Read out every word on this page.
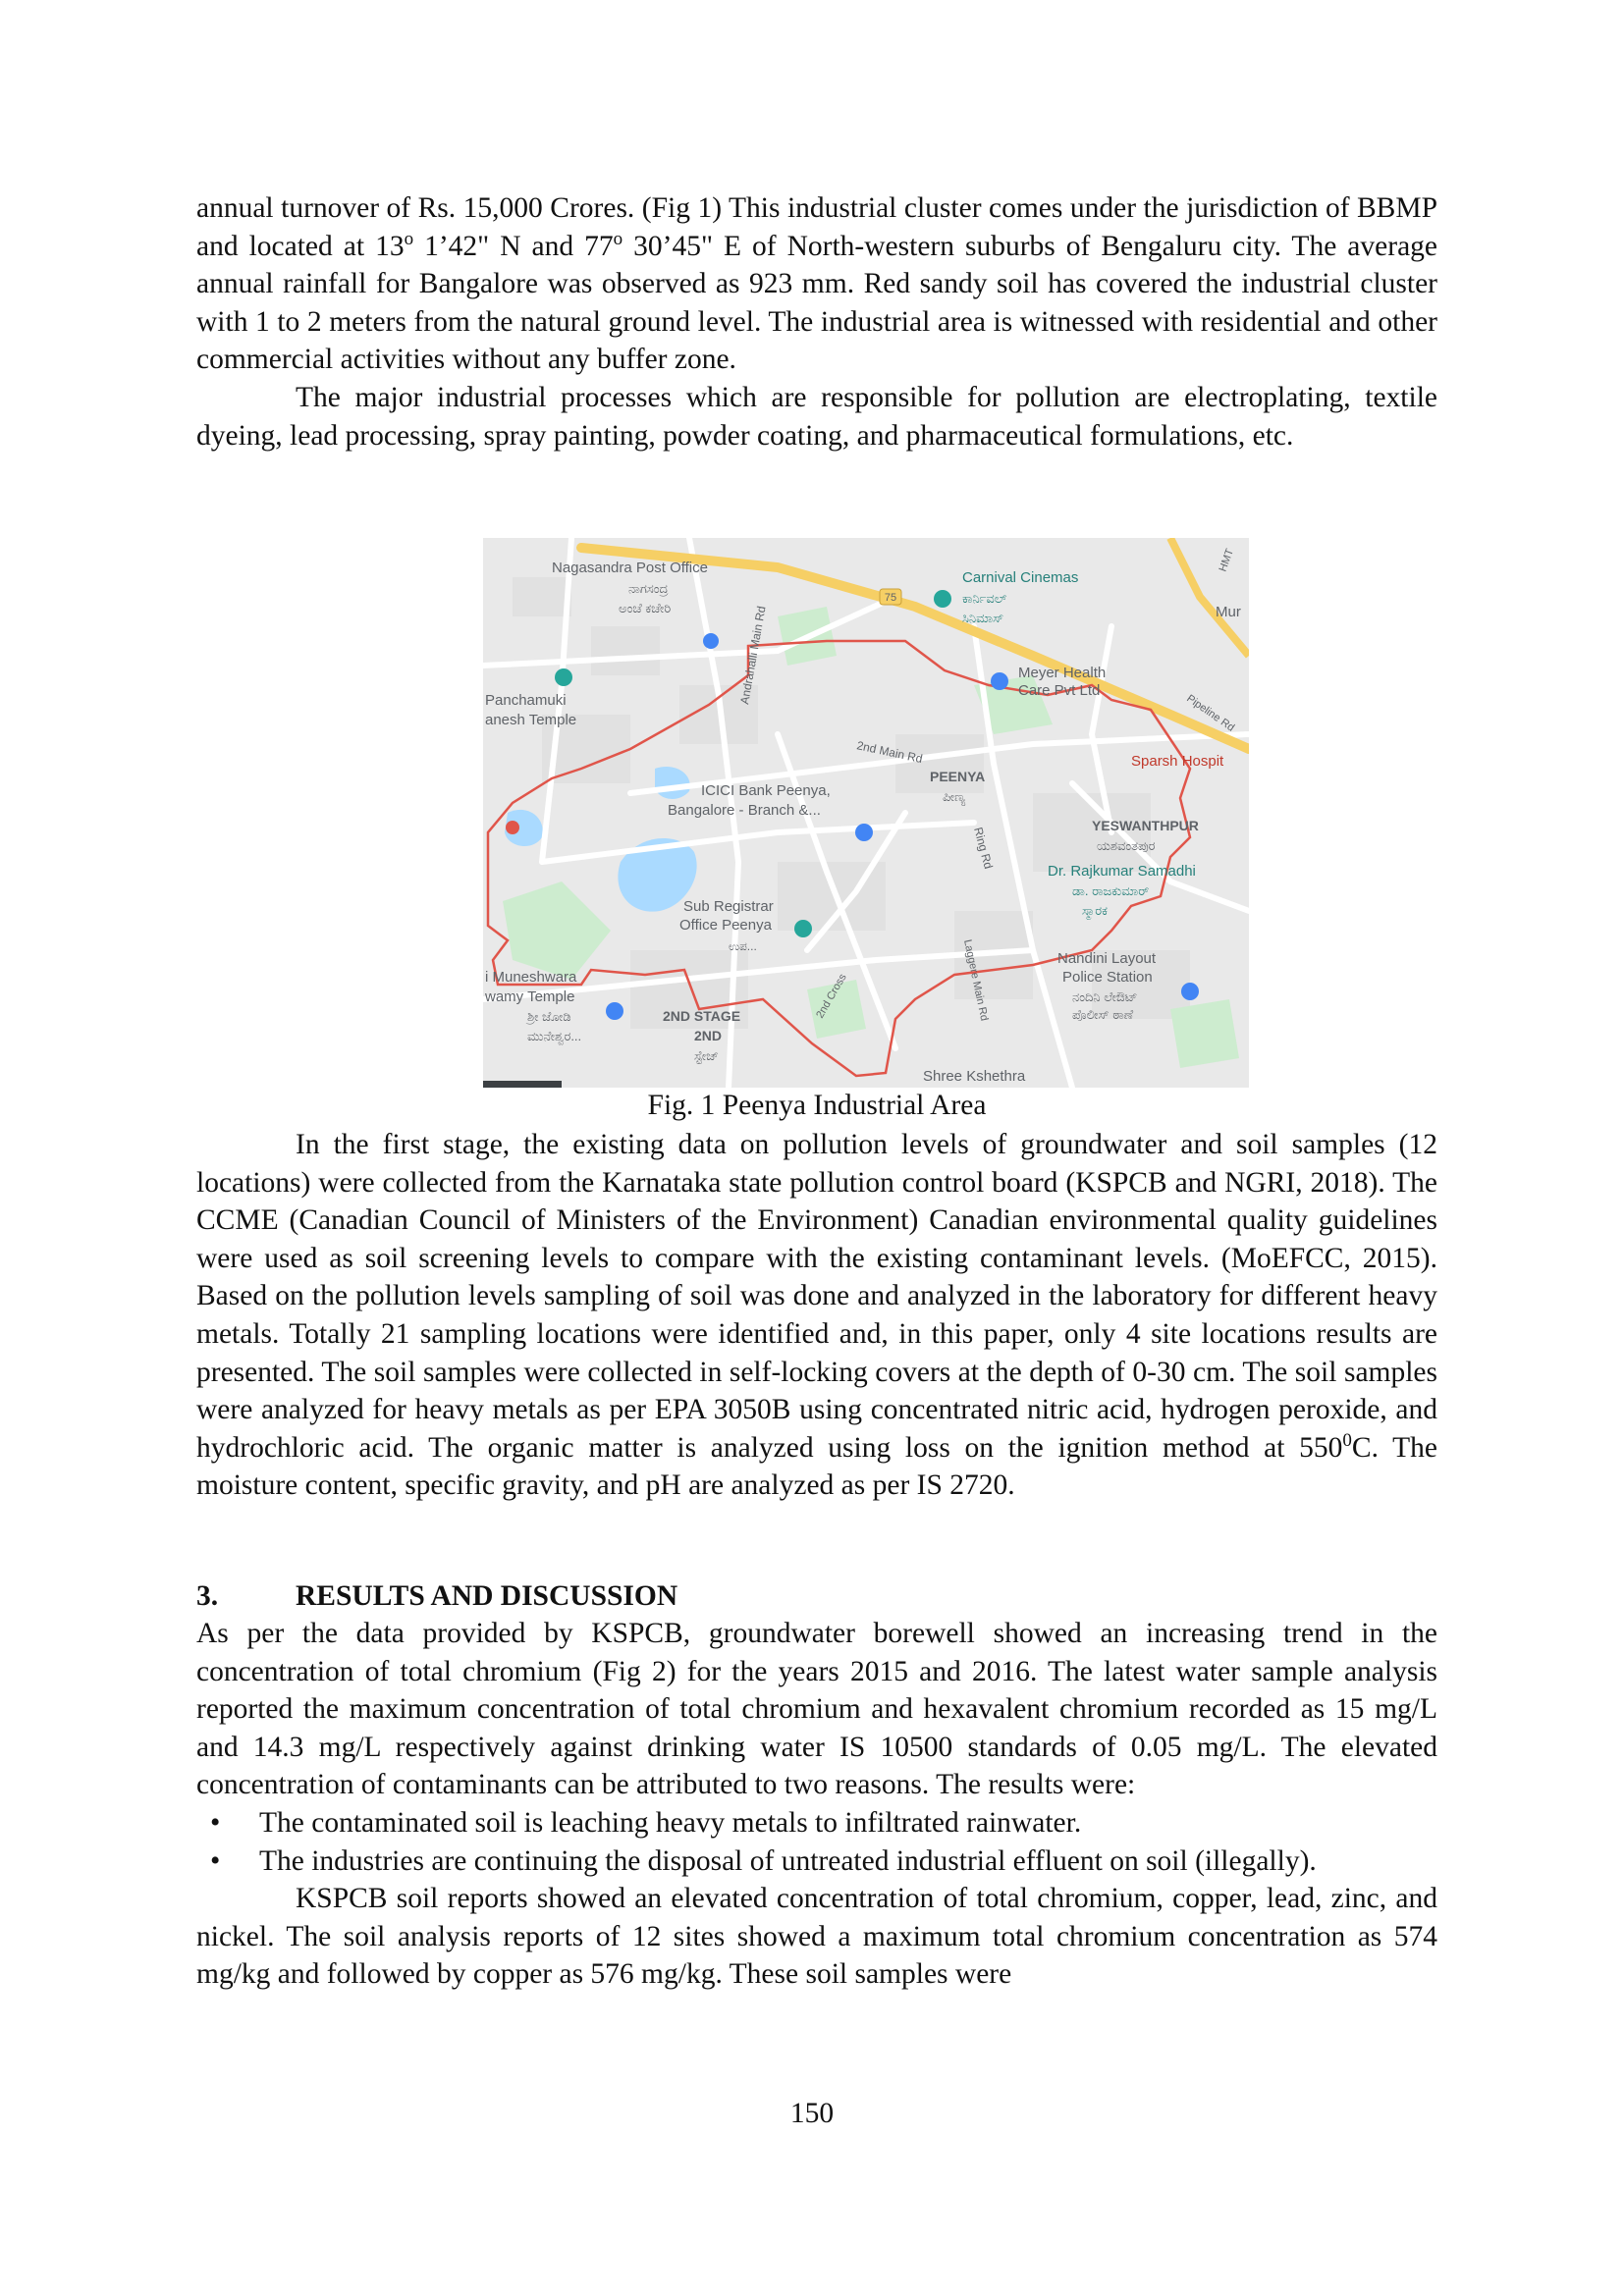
annual turnover of Rs. 15,000 Crores. (Fig 1) This industrial cluster comes under the jurisdiction of BBMP and located at 13$^o$ 1’42" N and 77$^o$ 30’45" E of North-western suburbs of Bengaluru city. The average annual rainfall for Bangalore was observed as 923 mm. Red sandy soil has covered the industrial cluster with 1 to 2 meters from the natural ground level. The industrial area is witnessed with residential and other commercial activities without any buffer zone.

The major industrial processes which are responsible for pollution are electroplating, textile dyeing, lead processing, spray painting, powder coating, and pharmaceutical formulations, etc.

75
Nagasandra Post Office
ನಾಗಸಂದ್ರ
ಅಂಚೆ ಕಚೇರಿ
Carnival Cinemas
ಕಾರ್ನಿವಲ್
ಸಿನಿಮಾಸ್	Mur
Meyer Health
Care Pvt Ltd
Panchamuki
anesh Temple
Andrahalli Main Rd
2nd Main Rd
PEENYA
ಪೀಣ್ಯ
Sparsh Hospit
ICICI Bank Peenya,
Bangalore - Branch &...
YESWANTHPUR
ಯಶವಂತಪುರ
Ring Rd
Dr. Rajkumar Samadhi
ಡಾ. ರಾಜಕುಮಾರ್
ಸ್ಮಾರಕ
Sub Registrar
Office Peenya
ಉಪ...
Nandini Layout
Police Station
ನಂದಿನಿ ಲೇಔಟ್
ಪೊಲೀಸ್ ಠಾಣೆ
i Muneshwara
wamy Temple
ಶ್ರೀ ಜೋಡಿ
ಮುನೇಶ್ವರ...
2ND STAGE
2ND
ಸ್ಟೇಜ್
2nd Cross	Laggere Main Rd
Pipeline Rd
Shree Kshethra
HMT
Fig. 1 Peenya Industrial Area

In the first stage, the existing data on pollution levels of groundwater and soil samples (12 locations) were collected from the Karnataka state pollution control board (KSPCB and NGRI, 2018). The CCME (Canadian Council of Ministers of the Environment) Canadian environmental quality guidelines were used as soil screening levels to compare with the existing contaminant levels. (MoEFCC, 2015). Based on the pollution levels sampling of soil was done and analyzed in the laboratory for different heavy metals. Totally 21 sampling locations were identified and, in this paper, only 4 site locations results are presented. The soil samples were collected in self-locking covers at the depth of 0-30 cm. The soil samples were analyzed for heavy metals as per EPA 3050B using concentrated nitric acid, hydrogen peroxide, and hydrochloric acid. The organic matter is analyzed using loss on the ignition method at $550^0C$. The moisture content, specific gravity, and pH are analyzed as per IS 2720.

3.	RESULTS AND DISCUSSION

As per the data provided by KSPCB, groundwater borewell showed an increasing trend in the concentration of total chromium (Fig 2) for the years 2015 and 2016. The latest water sample analysis reported the maximum concentration of total chromium and hexavalent chromium recorded as 15 mg/L and 14.3 mg/L respectively against drinking water IS 10500 standards of 0.05 mg/L. The elevated concentration of contaminants can be attributed to two reasons. The results were:

• The contaminated soil is leaching heavy metals to infiltrated rainwater.
• The industries are continuing the disposal of untreated industrial effluent on soil (illegally).

KSPCB soil reports showed an elevated concentration of total chromium, copper, lead, zinc, and nickel. The soil analysis reports of 12 sites showed a maximum total chromium concentration as 574 mg/kg and followed by copper as 576 mg/kg. These soil samples were

150
